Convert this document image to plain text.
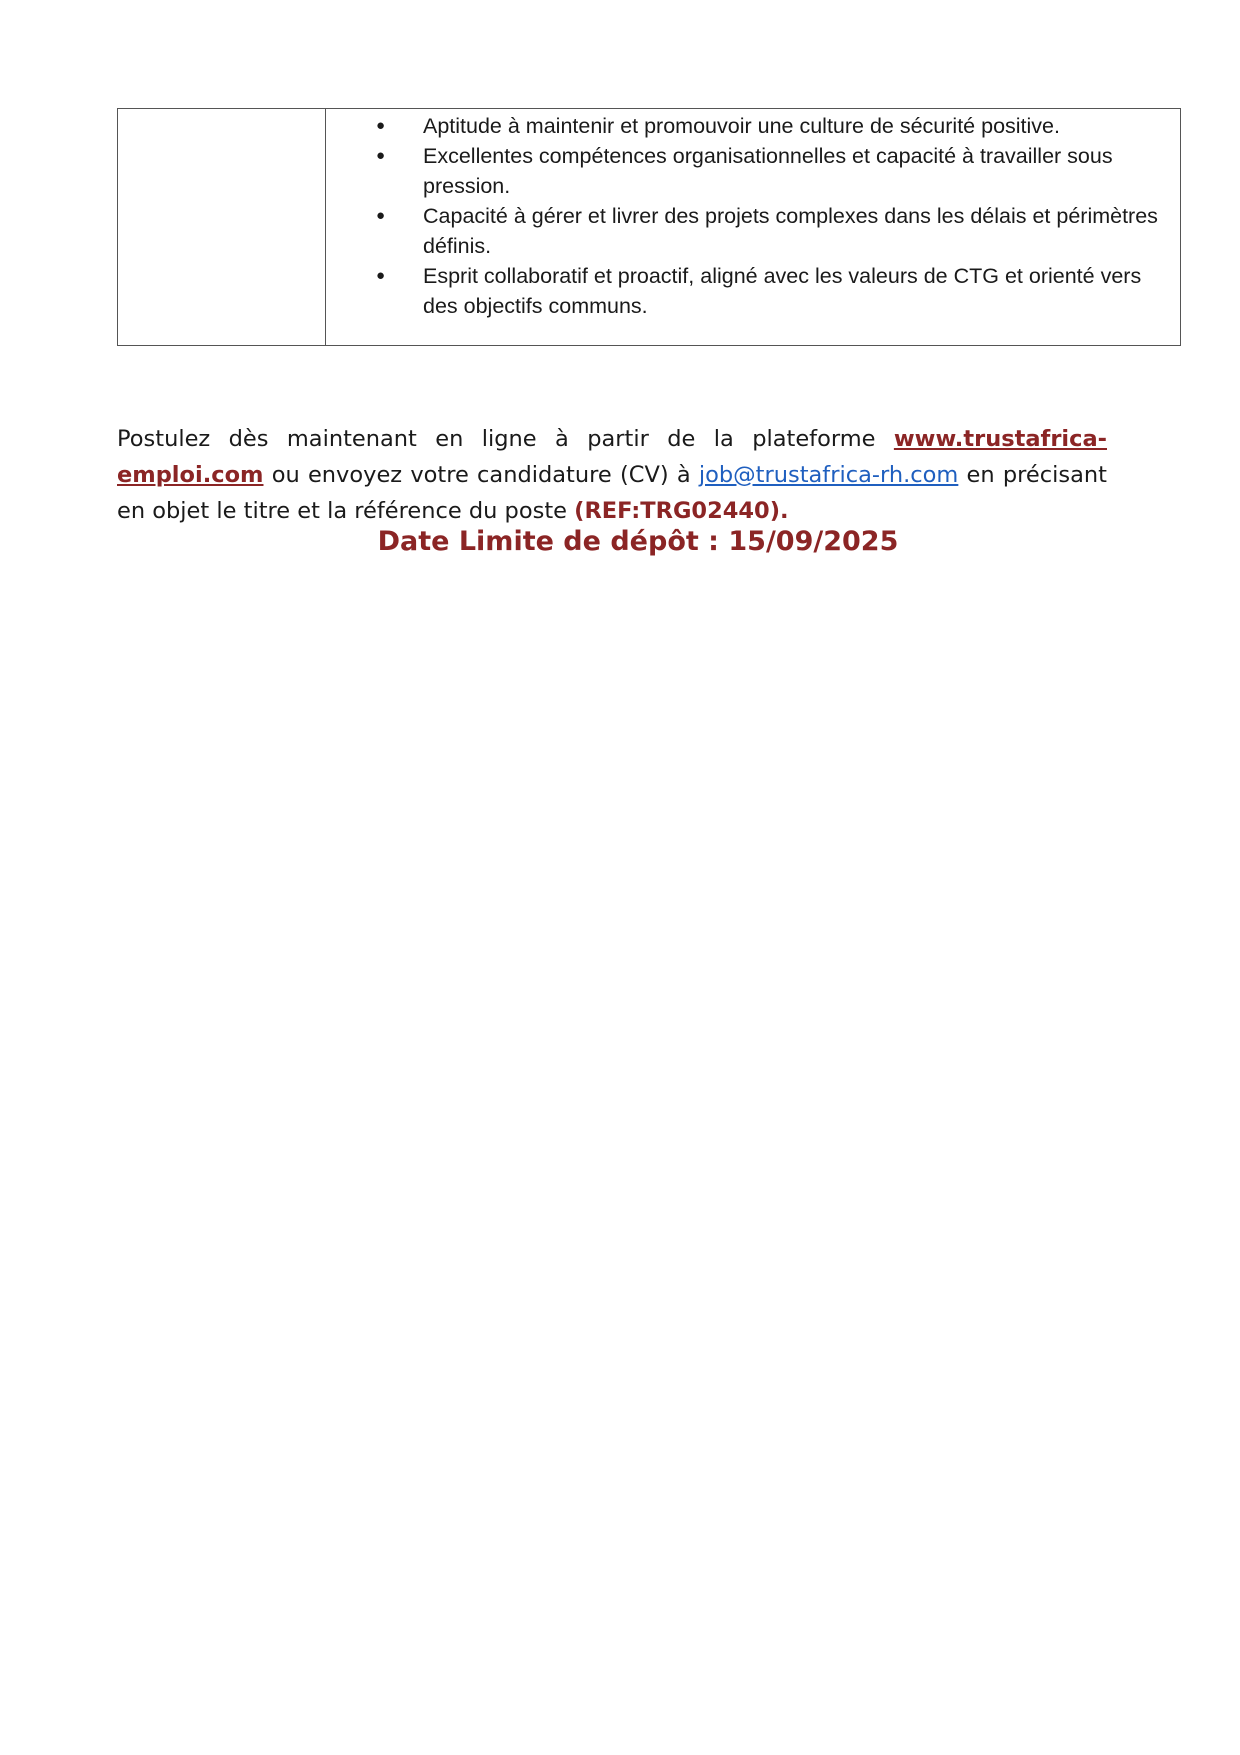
● Aptitude à maintenir et promouvoir une culture de sécurité positive.
● Excellentes compétences organisationnelles et capacité à travailler sous pression.
● Capacité à gérer et livrer des projets complexes dans les délais et périmètres définis.
● Esprit collaboratif et proactif, aligné avec les valeurs de CTG et orienté vers des objectifs communs.

Postulez dès maintenant en ligne à partir de la plateforme www.trustafrica-emploi.com ou envoyez votre candidature (CV) à job@trustafrica-rh.com en précisant en objet le titre et la référence du poste (REF:TRG02440).

Date Limite de dépôt : 15/09/2025
